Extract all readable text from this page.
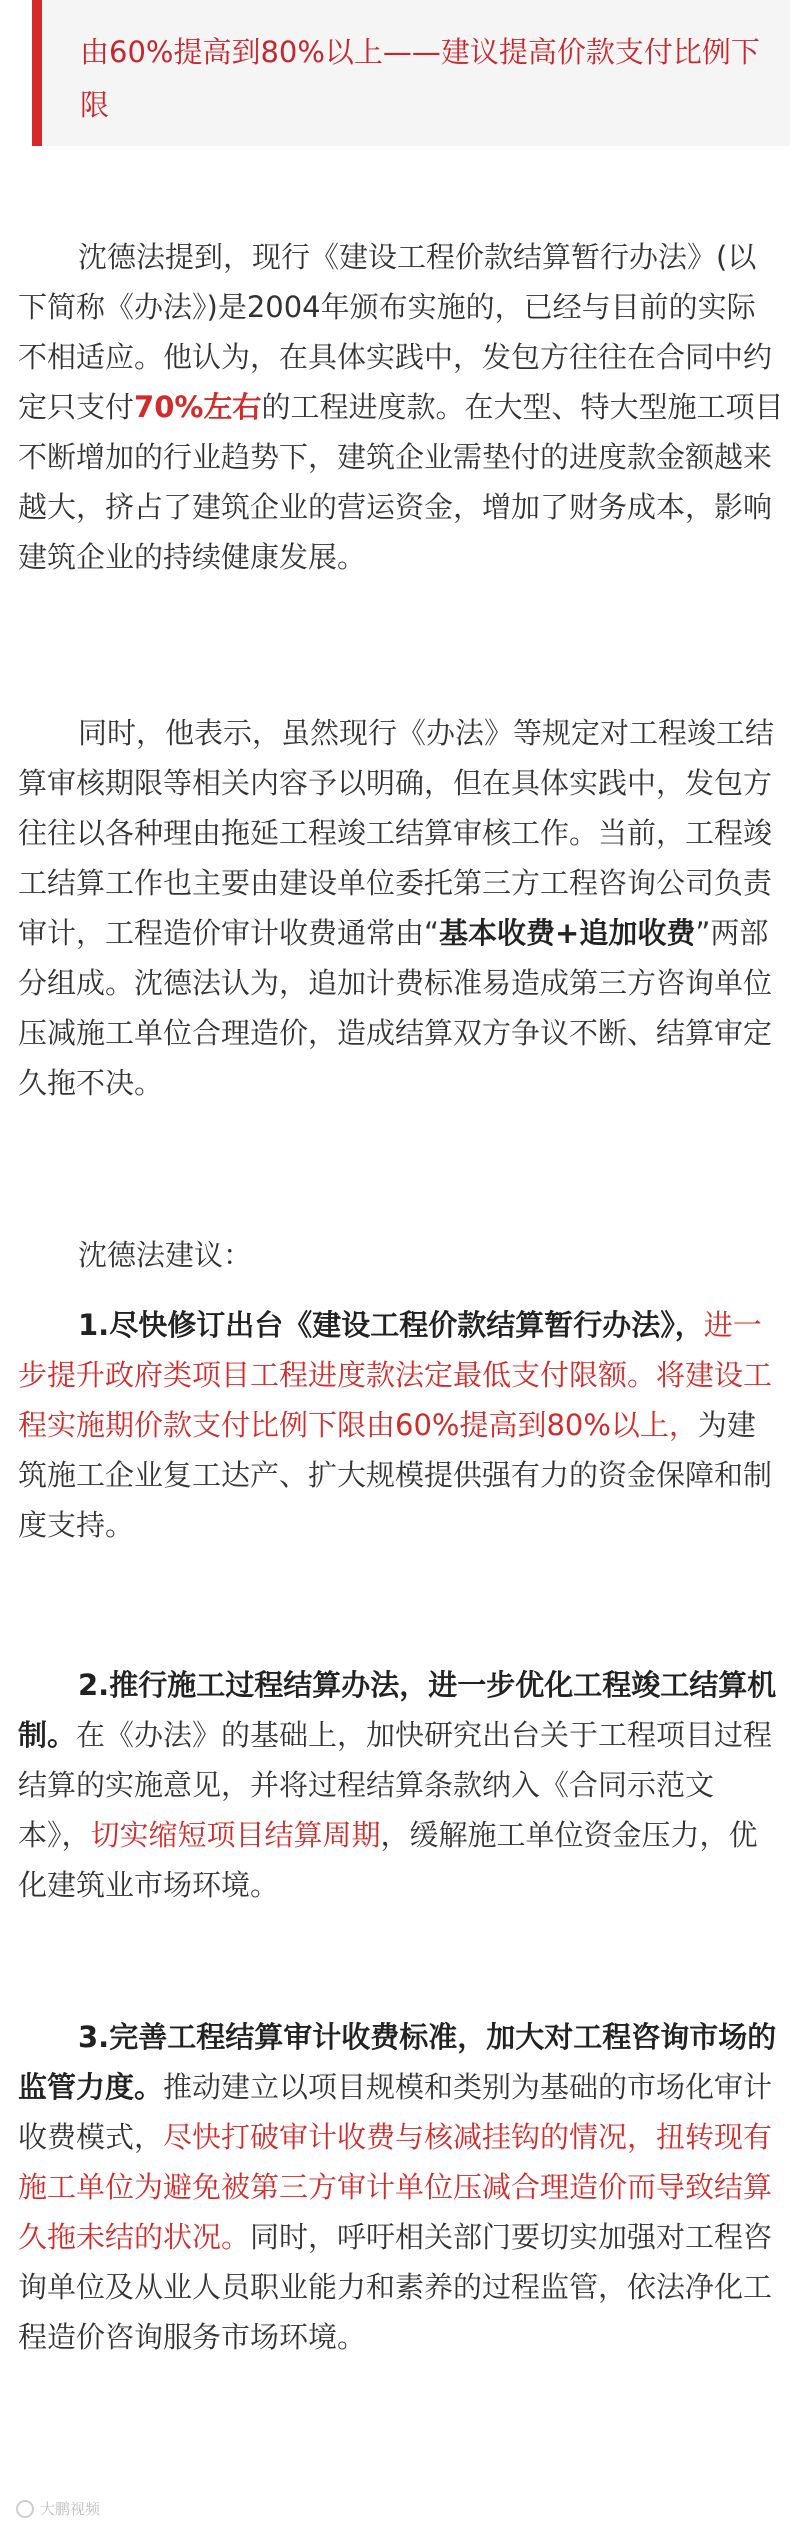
由60%提高到80%以上——建议提高价款支付比例下限

沈德法提到，现行《建设工程价款结算暂行办法》(以下简称《办法》)是2004年颁布实施的，已经与目前的实际不相适应。他认为，在具体实践中，发包方往往在合同中约定只支付70%左右的工程进度款。在大型、特大型施工项目不断增加的行业趋势下，建筑企业需垫付的进度款金额越来越大，挤占了建筑企业的营运资金，增加了财务成本，影响建筑企业的持续健康发展。

同时，他表示，虽然现行《办法》等规定对工程竣工结算审核期限等相关内容予以明确，但在具体实践中，发包方往往以各种理由拖延工程竣工结算审核工作。当前，工程竣工结算工作也主要由建设单位委托第三方工程咨询公司负责审计，工程造价审计收费通常由“基本收费+追加收费”两部分组成。沈德法认为，追加计费标准易造成第三方咨询单位压减施工单位合理造价，造成结算双方争议不断、结算审定久拖不决。

沈德法建议：

1.尽快修订出台《建设工程价款结算暂行办法》，进一步提升政府类项目工程进度款法定最低支付限额。将建设工程实施期价款支付比例下限由60%提高到80%以上，为建筑施工企业复工达产、扩大规模提供强有力的资金保障和制度支持。

2.推行施工过程结算办法，进一步优化工程竣工结算机制。在《办法》的基础上，加快研究出台关于工程项目过程结算的实施意见，并将过程结算条款纳入《合同示范文本》，切实缩短项目结算周期，缓解施工单位资金压力，优化建筑业市场环境。

3.完善工程结算审计收费标准，加大对工程咨询市场的监管力度。推动建立以项目规模和类别为基础的市场化审计收费模式，尽快打破审计收费与核减挂钩的情况，扭转现有施工单位为避免被第三方审计单位压减合理造价而导致结算久拖未结的状况。同时，呼吁相关部门要切实加强对工程咨询单位及从业人员职业能力和素养的过程监管，依法净化工程造价咨询服务市场环境。

大鹏视频
